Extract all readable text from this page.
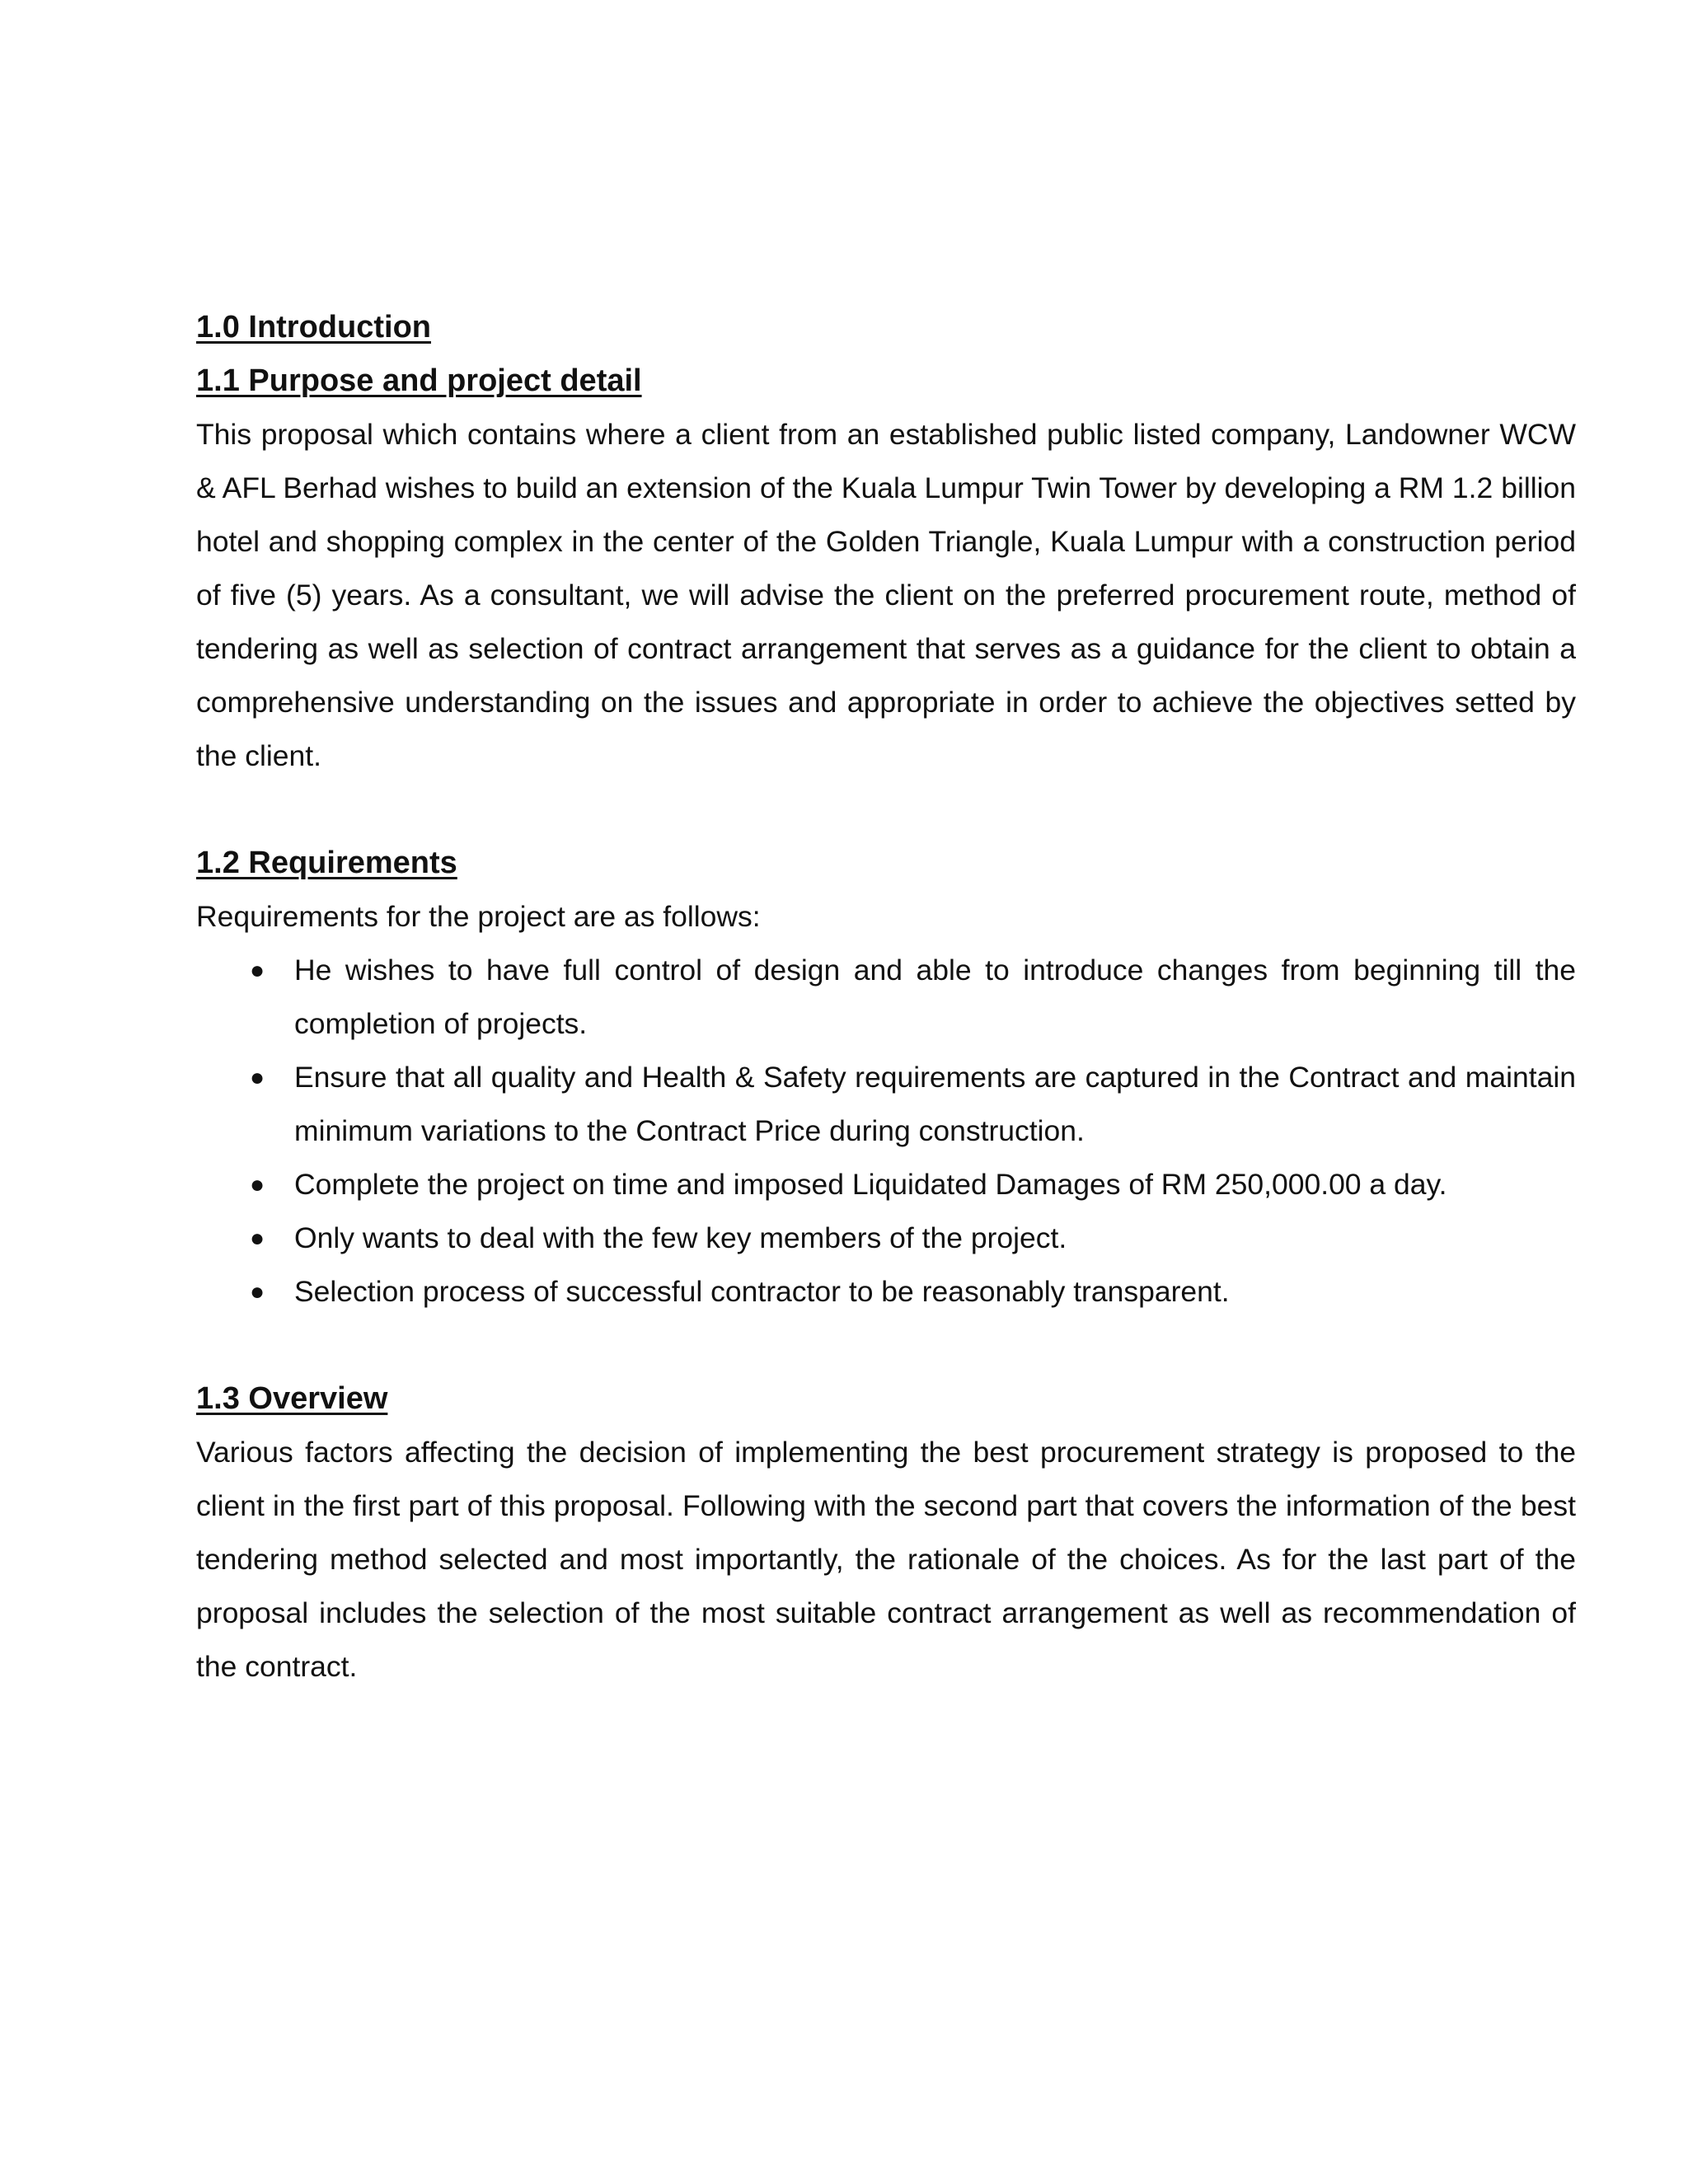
1.0 Introduction
1.1 Purpose and project detail

This proposal which contains where a client from an established public listed company, Landowner WCW & AFL Berhad wishes to build an extension of the Kuala Lumpur Twin Tower by developing a RM 1.2 billion hotel and shopping complex in the center of the Golden Triangle, Kuala Lumpur with a construction period of five (5) years. As a consultant, we will advise the client on the preferred procurement route, method of tendering as well as selection of contract arrangement that serves as a guidance for the client to obtain a comprehensive understanding on the issues and appropriate in order to achieve the objectives setted by the client.

1.2 Requirements

Requirements for the project are as follows:

● He wishes to have full control of design and able to introduce changes from beginning till the completion of projects.
● Ensure that all quality and Health & Safety requirements are captured in the Contract and maintain minimum variations to the Contract Price during construction.
● Complete the project on time and imposed Liquidated Damages of RM 250,000.00 a day.
● Only wants to deal with the few key members of the project.
● Selection process of successful contractor to be reasonably transparent.
1.3 Overview

Various factors affecting the decision of implementing the best procurement strategy is proposed to the client in the first part of this proposal. Following with the second part that covers the information of the best tendering method selected and most importantly, the rationale of the choices. As for the last part of the proposal includes the selection of the most suitable contract arrangement as well as recommendation of the contract.
